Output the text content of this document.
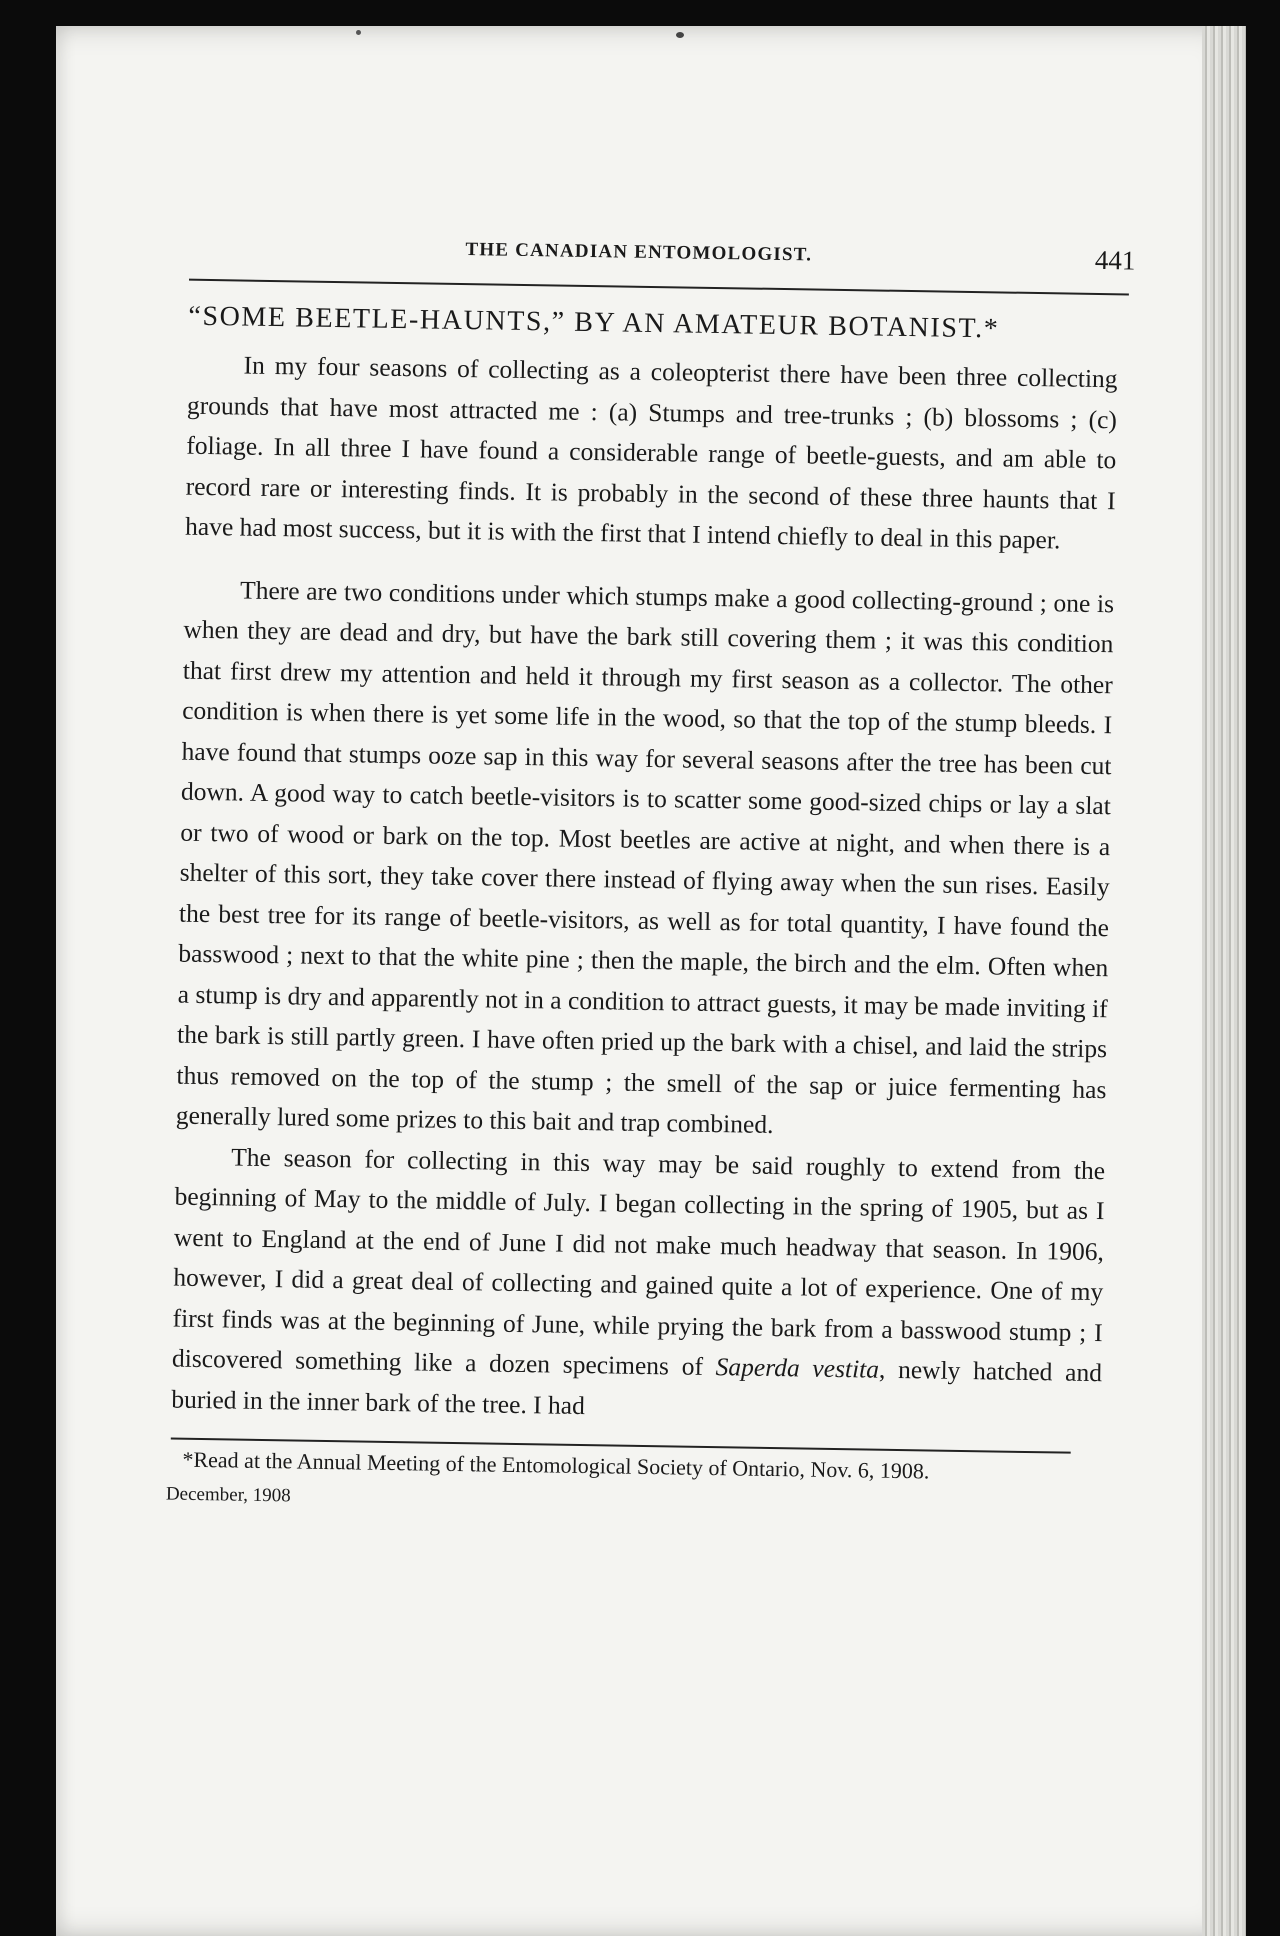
THE CANADIAN ENTOMOLOGIST.	441
“SOME BEETLE-HAUNTS,” BY AN AMATEUR BOTANIST.*

In my four seasons of collecting as a coleopterist there have been three collecting grounds that have most attracted me : (a) Stumps and tree-trunks ; (b) blossoms ; (c) foliage. In all three I have found a considerable range of beetle-guests, and am able to record rare or interesting finds. It is probably in the second of these three haunts that I have had most success, but it is with the first that I intend chiefly to deal in this paper.

There are two conditions under which stumps make a good collecting-ground ; one is when they are dead and dry, but have the bark still covering them ; it was this condition that first drew my attention and held it through my first season as a collector. The other condition is when there is yet some life in the wood, so that the top of the stump bleeds. I have found that stumps ooze sap in this way for several seasons after the tree has been cut down. A good way to catch beetle-visitors is to scatter some good-sized chips or lay a slat or two of wood or bark on the top. Most beetles are active at night, and when there is a shelter of this sort, they take cover there instead of flying away when the sun rises. Easily the best tree for its range of beetle-visitors, as well as for total quantity, I have found the basswood ; next to that the white pine ; then the maple, the birch and the elm. Often when a stump is dry and apparently not in a condition to attract guests, it may be made inviting if the bark is still partly green. I have often pried up the bark with a chisel, and laid the strips thus removed on the top of the stump ; the smell of the sap or juice fermenting has generally lured some prizes to this bait and trap combined.

The season for collecting in this way may be said roughly to extend from the beginning of May to the middle of July. I began collecting in the spring of 1905, but as I went to England at the end of June I did not make much headway that season. In 1906, however, I did a great deal of collecting and gained quite a lot of experience. One of my first finds was at the beginning of June, while prying the bark from a basswood stump ; I discovered something like a dozen specimens of Saperda vestita, newly hatched and buried in the inner bark of the tree. I had

*Read at the Annual Meeting of the Entomological Society of Ontario, Nov. 6, 1908.
December, 1908
